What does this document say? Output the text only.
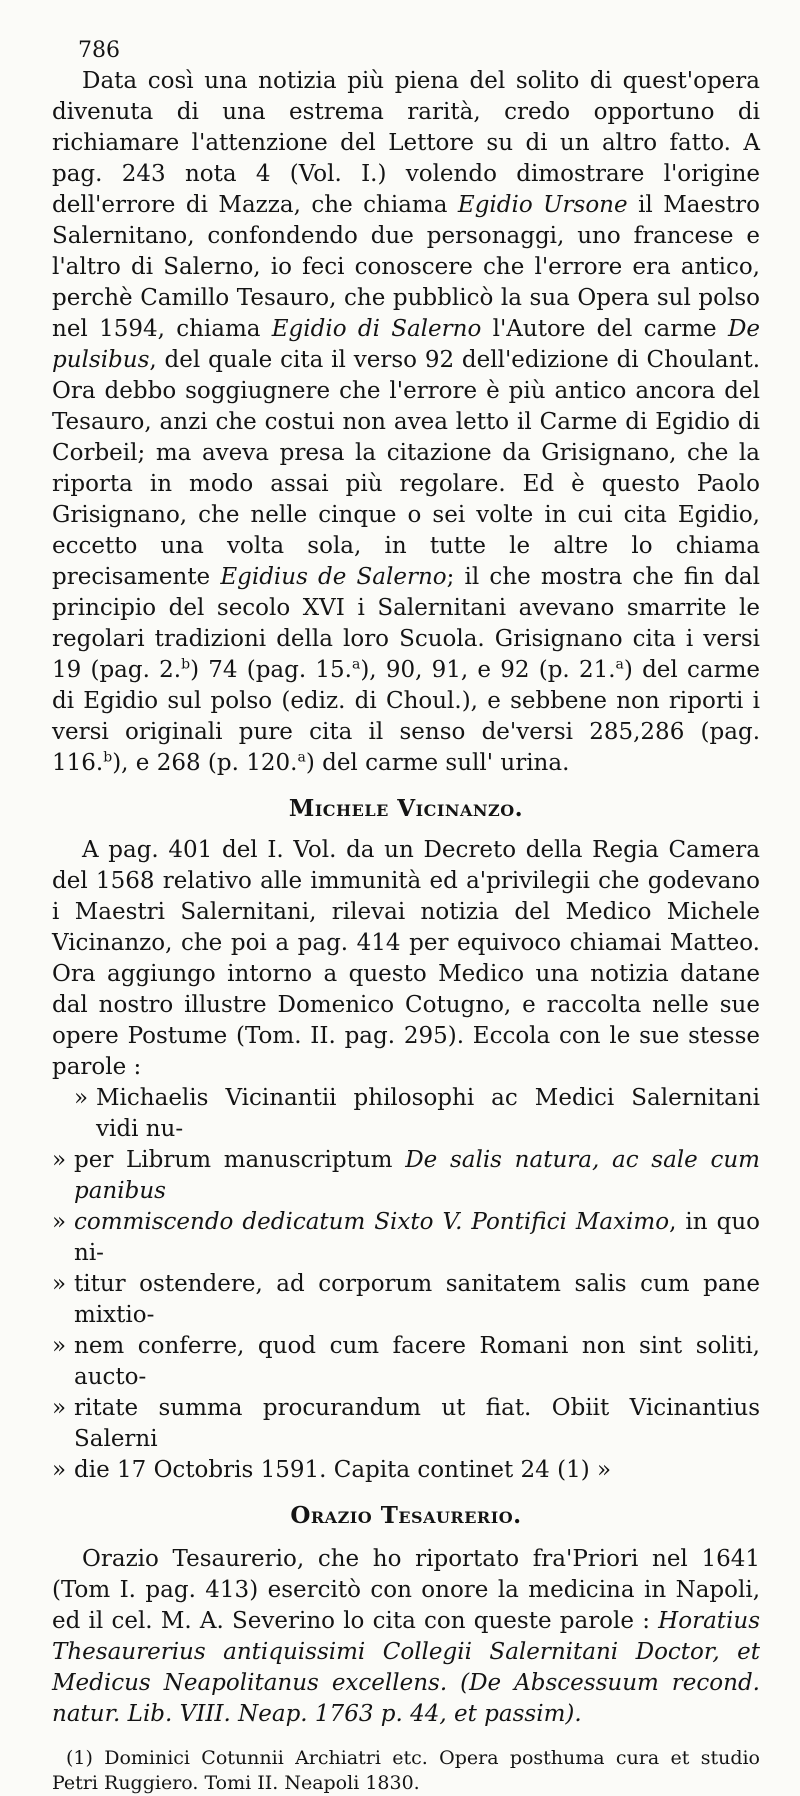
786

Data così una notizia più piena del solito di quest'opera divenuta di una estrema rarità, credo opportuno di richiamare l'attenzione del Lettore su di un altro fatto. A pag. 243 nota 4 (Vol. I.) volendo dimostrare l'origine dell'errore di Mazza, che chiama Egidio Ursone il Maestro Salernitano, confondendo due personaggi, uno francese e l'altro di Salerno, io feci conoscere che l'errore era antico, perchè Camillo Tesauro, che pubblicò la sua Opera sul polso nel 1594, chiama Egidio di Salerno l'Autore del carme De pulsibus, del quale cita il verso 92 dell'edizione di Choulant. Ora debbo soggiugnere che l'errore è più antico ancora del Tesauro, anzi che costui non avea letto il Carme di Egidio di Corbeil; ma aveva presa la citazione da Grisignano, che la riporta in modo assai più regolare. Ed è questo Paolo Grisignano, che nelle cinque o sei volte in cui cita Egidio, eccetto una volta sola, in tutte le altre lo chiama precisamente Egidius de Salerno; il che mostra che fin dal principio del secolo XVI i Salernitani avevano smarrite le regolari tradizioni della loro Scuola. Grisignano cita i versi 19 (pag. 2.$^b$) 74 (pag. 15.$^a$), 90, 91, e 92 (p. 21.$^a$) del carme di Egidio sul polso (ediz. di Choul.), e sebbene non riporti i versi originali pure cita il senso de'versi 285,286 (pag. 116.$^b$), e 268 (p. 120.$^a$) del carme sull' urina.

Michele Vicinanzo.

A pag. 401 del I. Vol. da un Decreto della Regia Camera del 1568 relativo alle immunità ed a'privilegii che godevano i Maestri Salernitani, rilevai notizia del Medico Michele Vicinanzo, che poi a pag. 414 per equivoco chiamai Matteo. Ora aggiungo intorno a questo Medico una notizia datane dal nostro illustre Domenico Cotugno, e raccolta nelle sue opere Postume (Tom. II. pag. 295). Eccola con le sue stesse parole :

» Michaelis Vicinantii philosophi ac Medici Salernitani vidi nu-
» per Librum manuscriptum De salis natura, ac sale cum panibus
» commiscendo dedicatum Sixto V. Pontifici Maximo, in quo ni-
» titur ostendere, ad corporum sanitatem salis cum pane mixtio-
» nem conferre, quod cum facere Romani non sint soliti, aucto-
» ritate summa procurandum ut fiat. Obiit Vicinantius Salerni
» die 17 Octobris 1591. Capita continet 24 (1) »
Orazio Tesaurerio.

Orazio Tesaurerio, che ho riportato fra'Priori nel 1641 (Tom I. pag. 413) esercitò con onore la medicina in Napoli, ed il cel. M. A. Severino lo cita con queste parole : Horatius Thesaurerius antiquissimi Collegii Salernitani Doctor, et Medicus Neapolitanus excellens. (De Abscessuum recond. natur. Lib. VIII. Neap. 1763 p. 44, et passim).

(1) Dominici Cotunnii Archiatri etc. Opera posthuma cura et studio Petri Ruggiero. Tomi II. Neapoli 1830.
